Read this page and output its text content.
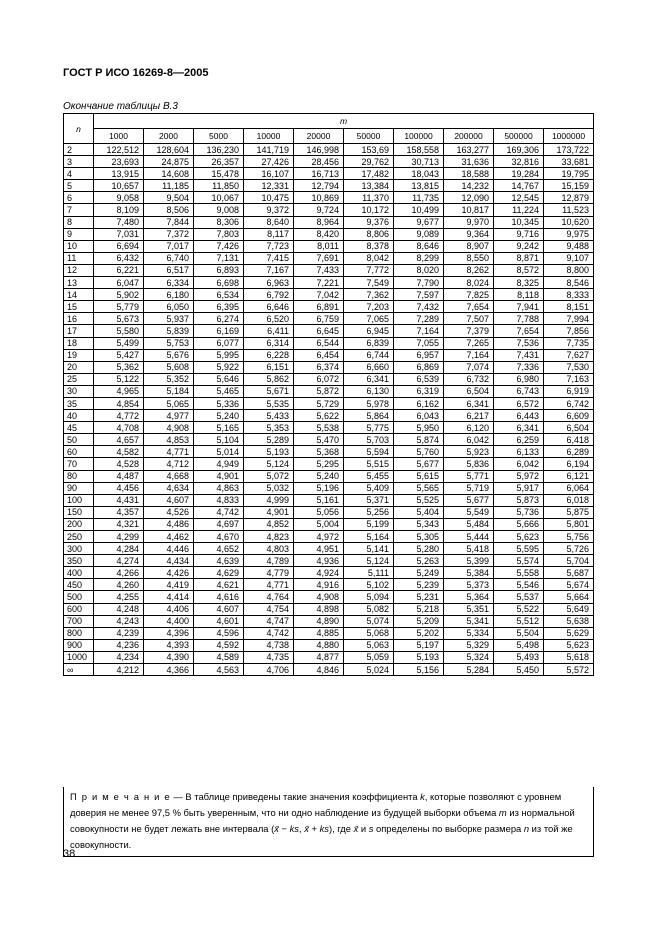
ГОСТ Р ИСО 16269-8—2005
Окончание таблицы В.3
n	m									
	1000	2000	5000	10000	20000	50000	100000	200000	500000	1000000
2	122,512	128,604	136,230	141,719	146,998	153,69	158,558	163,277	169,306	173,722
3	23,693	24,875	26,357	27,426	28,456	29,762	30,713	31,636	32,816	33,681
4	13,915	14,608	15,478	16,107	16,713	17,482	18,043	18,588	19,284	19,795
5	10,657	11,185	11,850	12,331	12,794	13,384	13,815	14,232	14,767	15,159
6	9,058	9,504	10,067	10,475	10,869	11,370	11,735	12,090	12,545	12,879
7	8,109	8,506	9,008	9,372	9,724	10,172	10,499	10,817	11,224	11,523
8	7,480	7,844	8,306	8,640	8,964	9,376	9,677	9,970	10,345	10,620
9	7,031	7,372	7,803	8,117	8,420	8,806	9,089	9,364	9,716	9,975
10	6,694	7,017	7,426	7,723	8,011	8,378	8,646	8,907	9,242	9,488
11	6,432	6,740	7,131	7,415	7,691	8,042	8,299	8,550	8,871	9,107
12	6,221	6,517	6,893	7,167	7,433	7,772	8,020	8,262	8,572	8,800
13	6,047	6,334	6,698	6,963	7,221	7,549	7,790	8,024	8,325	8,546
14	5,902	6,180	6,534	6,792	7,042	7,362	7,597	7,825	8,118	8,333
15	5,779	6,050	6,395	6,646	6,891	7,203	7,432	7,654	7,941	8,151
16	5,673	5,937	6,274	6,520	6,759	7,065	7,289	7,507	7,788	7,994
17	5,580	5,839	6,169	6,411	6,645	6,945	7,164	7,379	7,654	7,856
18	5,499	5,753	6,077	6,314	6,544	6,839	7,055	7,265	7,536	7,735
19	5,427	5,676	5,995	6,228	6,454	6,744	6,957	7,164	7,431	7,627
20	5,362	5,608	5,922	6,151	6,374	6,660	6,869	7,074	7,336	7,530
25	5,122	5,352	5,646	5,862	6,072	6,341	6,539	6,732	6,980	7,163
30	4,965	5,184	5,465	5,671	5,872	6,130	6,319	6,504	6,743	6,919
35	4,854	5,065	5,336	5,535	5,729	5,978	6,162	6,341	6,572	6,742
40	4,772	4,977	5,240	5,433	5,622	5,864	6,043	6,217	6,443	6,609
45	4,708	4,908	5,165	5,353	5,538	5,775	5,950	6,120	6,341	6,504
50	4,657	4,853	5,104	5,289	5,470	5,703	5,874	6,042	6,259	6,418
60	4,582	4,771	5,014	5,193	5,368	5,594	5,760	5,923	6,133	6,289
70	4,528	4,712	4,949	5,124	5,295	5,515	5,677	5,836	6,042	6,194
80	4,487	4,668	4,901	5,072	5,240	5,455	5,615	5,771	5,972	6,121
90	4,456	4,634	4,863	5,032	5,196	5,409	5,565	5,719	5,917	6,064
100	4,431	4,607	4,833	4,999	5,161	5,371	5,525	5,677	5,873	6,018
150	4,357	4,526	4,742	4,901	5,056	5,256	5,404	5,549	5,736	5,875
200	4,321	4,486	4,697	4,852	5,004	5,199	5,343	5,484	5,666	5,801
250	4,299	4,462	4,670	4,823	4,972	5,164	5,305	5,444	5,623	5,756
300	4,284	4,446	4,652	4,803	4,951	5,141	5,280	5,418	5,595	5,726
350	4,274	4,434	4,639	4,789	4,936	5,124	5,263	5,399	5,574	5,704
400	4,266	4,426	4,629	4,779	4,924	5,111	5,249	5,384	5,558	5,687
450	4,260	4,419	4,621	4,771	4,916	5,102	5,239	5,373	5,546	5,674
500	4,255	4,414	4,616	4,764	4,908	5,094	5,231	5,364	5,537	5,664
600	4,248	4,406	4,607	4,754	4,898	5,082	5,218	5,351	5,522	5,649
700	4,243	4,400	4,601	4,747	4,890	5,074	5,209	5,341	5,512	5,638
800	4,239	4,396	4,596	4,742	4,885	5,068	5,202	5,334	5,504	5,629
900	4,236	4,393	4,592	4,738	4,880	5,063	5,197	5,329	5,498	5,623
1000	4,234	4,390	4,589	4,735	4,877	5,059	5,193	5,324	5,493	5,618
∞	4,212	4,366	4,563	4,706	4,846	5,024	5,156	5,284	5,450	5,572
П р и м е ч а н и е — В таблице приведены такие значения коэффициента k, которые позволяют с уровнем доверия не менее 97,5 % быть уверенным, что ни одно наблюдение из будущей выборки объема m из нормальной совокупности не будет лежать вне интервала (x̄ − ks, x̄ + ks), где x̄ и s определены по выборке размера n из той же совокупности.
38
